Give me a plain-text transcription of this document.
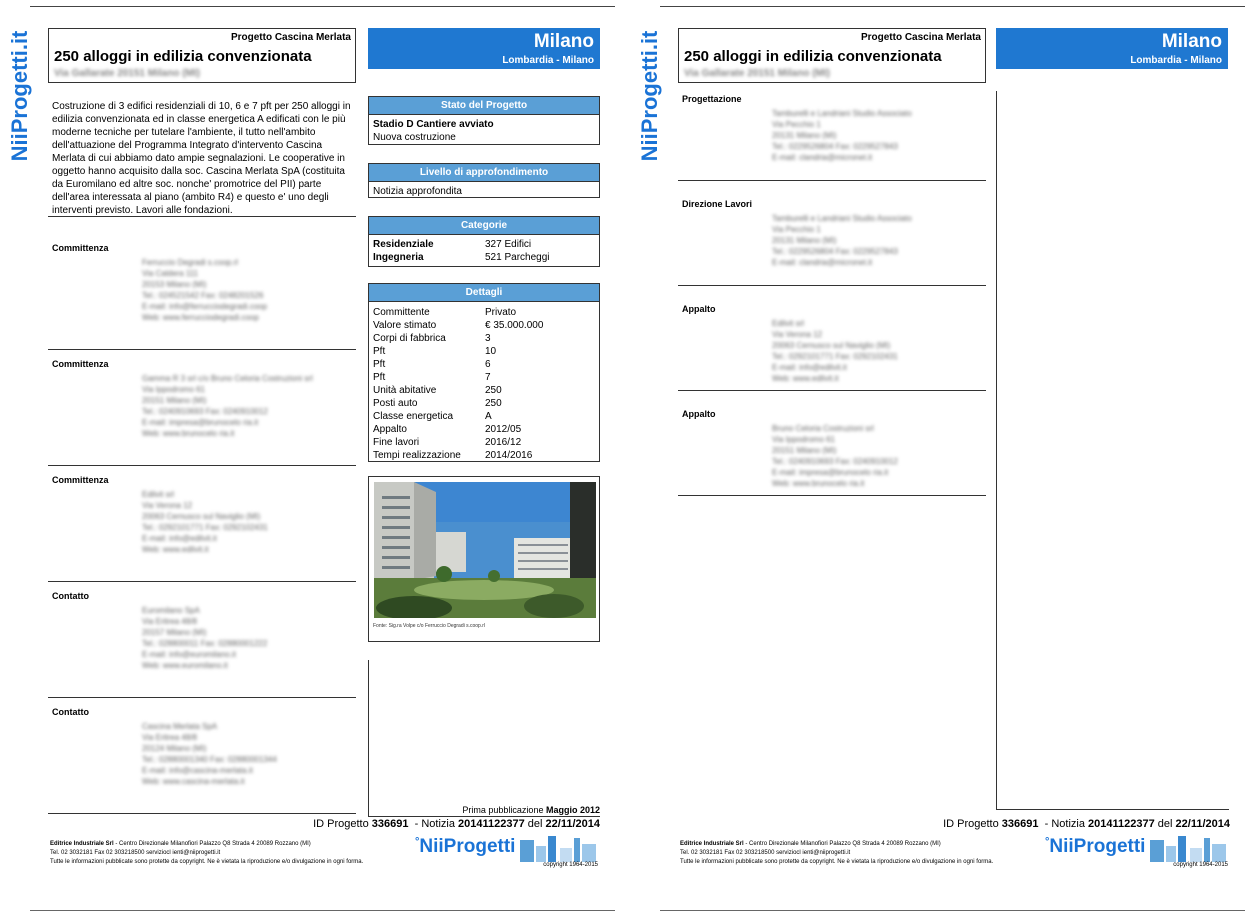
NiiProgetti.it	Progetto Cascina Merlata
250 alloggi in edilizia convenzionata
Via Gallarate 20151 Milano (MI)
Milano
Lombardia - Milano
Costruzione di 3 edifici residenziali di 10, 6 e 7 pft per 250 alloggi in edilizia convenzionata ed in classe energetica A edificati con le più moderne tecniche per tutelare l'ambiente, il tutto nell'ambito dell'attuazione del Programma Integrato d'intervento Cascina Merlata di cui abbiamo dato ampie segnalazioni. Le cooperative in oggetto hanno acquisito dalla soc. Cascina Merlata SpA (costituita da Euromilano ed altre soc. nonche' promotrice del PII) parte dell'area interessata al piano (ambito R4) e questo e' uno degli interventi previsto. Lavori alle fondazioni.
Committenza
Ferruccio Degradi s.coop.rl
Via Caldera 111
20153 Milano (MI)
Tel.: 024521542 Fax: 0248201526
E-mail: info@ferrucciodegradi.coop
Web: www.ferrucciodegradi.coop
Committenza
Gamma R 3 srl c/o Bruno Celoria Costruzioni srl
Via Ippodromo 61
20151 Milano (MI)
Tel.: 0240910693 Fax: 0240910012
E-mail: impresa@brunocelo ria.it
Web: www.brunocelo ria.it
Committenza
Edilvit srl
Via Verona 12
20063 Cernusco sul Naviglio (MI)
Tel.: 0292101771 Fax: 0292102431
E-mail: info@edilvit.it
Web: www.edilvit.it
Contatto
Euromilano SpA
Via Eritrea 48/8
20157 Milano (MI)
Tel.: 028800011 Fax: 02880001222
E-mail: info@euromilano.it
Web: www.euromilano.it
Contatto
Cascina Merlata SpA
Via Eritrea 48/8
20124 Milano (MI)
Tel.: 02880001340 Fax: 02880001344
E-mail: info@cascina-merlata.it
Web: www.cascina-merlata.it
Stato del Progetto
Stadio D Cantiere avviato
Nuova costruzione
Livello di approfondimento
Notizia approfondita
Categorie
Residenziale	327 Edifici
Ingegneria	521 Parcheggi
Dettagli
Committente	Privato
Valore stimato	€ 35.000.000
Corpi di fabbrica	3
Pft	10
Pft	6
Pft	7
Unità abitative	250
Posti auto	250
Classe energetica	A
Appalto	2012/05
Fine lavori	2016/12
Tempi realizzazione	2014/2016
Fonte: Sig.ra Volpe c/o Ferruccio Degradi s.coop.rl
Prima pubblicazione Maggio 2012
ID Progetto 336691 - Notizia 20141122377 del 22/11/2014
Editrice Industriale Srl - Centro Direzionale Milanofiori Palazzo Q8 Strada 4 20089 Rozzano (MI)
Tel. 02 3032181 Fax 02 303218500 serviziocl ienti@niiprogetti.it
Tutte le informazioni pubblicate sono protette da copyright. Ne è vietata la riproduzione e/o divulgazione in ogni forma.
°NiiProgetti
copyright 1964-2015
NiiProgetti.it	Progetto Cascina Merlata
250 alloggi in edilizia convenzionata
Via Gallarate 20151 Milano (MI)
Milano
Lombardia - Milano
Progettazione
Tamburelli e Landriani Studio Associato
Via Pecchio 1
20131 Milano (MI)
Tel.: 0229526804 Fax: 0229527843
E-mail: clandria@micronet.it
Direzione Lavori
Tamburelli e Landriani Studio Associato
Via Pecchio 1
20131 Milano (MI)
Tel.: 0229526804 Fax: 0229527843
E-mail: clandria@micronet.it
Appalto
Edilvit srl
Via Verona 12
20063 Cernusco sul Naviglio (MI)
Tel.: 0292101771 Fax: 0292102431
E-mail: info@edilvit.it
Web: www.edilvit.it
Appalto
Bruno Celoria Costruzioni srl
Via Ippodromo 61
20151 Milano (MI)
Tel.: 0240910693 Fax: 0240910012
E-mail: impresa@brunocelo ria.it
Web: www.brunocelo ria.it
ID Progetto 336691 - Notizia 20141122377 del 22/11/2014
Editrice Industriale Srl - Centro Direzionale Milanofiori Palazzo Q8 Strada 4 20089 Rozzano (MI)
Tel. 02 3032181 Fax 02 303218500 serviziocl ienti@niiprogetti.it
Tutte le informazioni pubblicate sono protette da copyright. Ne è vietata la riproduzione e/o divulgazione in ogni forma.
°NiiProgetti
copyright 1964-2015
